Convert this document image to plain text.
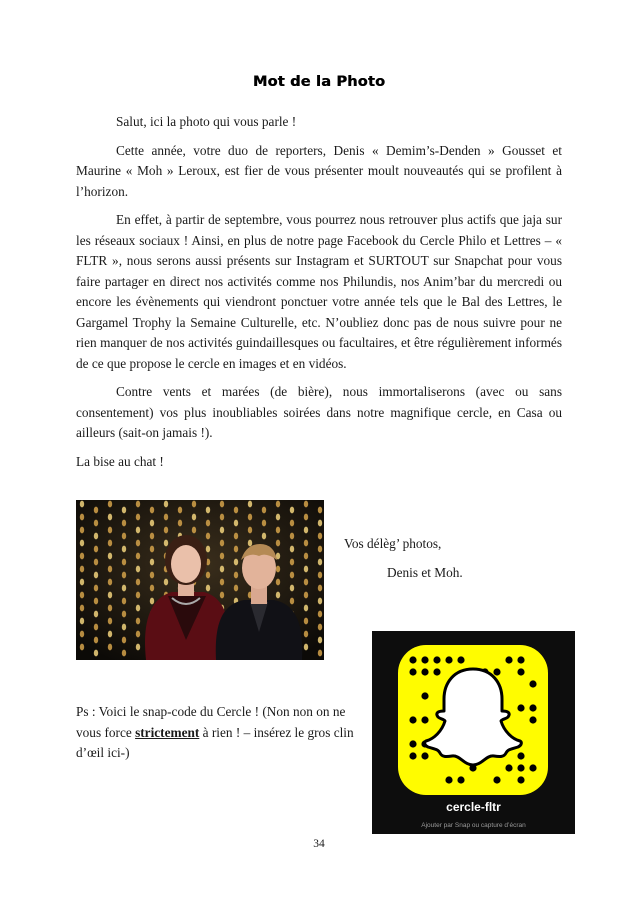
Mot de la Photo

Salut, ici la photo qui vous parle !

Cette année, votre duo de reporters, Denis « Demim’s-Denden » Gousset et Maurine « Moh » Leroux, est fier de vous présenter moult nouveautés qui se profilent à l’horizon.

En effet, à partir de septembre, vous pourrez nous retrouver plus actifs que jaja sur les réseaux sociaux ! Ainsi, en plus de notre page Facebook du Cercle Philo et Lettres – « FLTR », nous serons aussi présents sur Instagram et SURTOUT sur Snapchat pour vous faire partager en direct nos activités comme nos Philundis, nos Anim’bar du mercredi ou encore les évènements qui viendront ponctuer votre année tels que le Bal des Lettres, le Gargamel Trophy la Semaine Culturelle, etc. N’oubliez donc pas de nous suivre pour ne rien manquer de nos activités guindaillesques ou facultaires, et être régulièrement informés de ce que propose le cercle en images et en vidéos.

Contre vents et marées (de bière), nous immortaliserons (avec ou sans consentement) vos plus inoubliables soirées dans notre magnifique cercle, en Casa ou ailleurs (sait-on jamais !).

La bise au chat !

Vos délèg’ photos,
Denis et Moh.
Ps : Voici le snap-code du Cercle ! (Non non on ne vous force strictement à rien ! – insérez le gros clin d’œil ici-)
cercle-fltr
Ajouter par Snap ou capture d’écran
34
